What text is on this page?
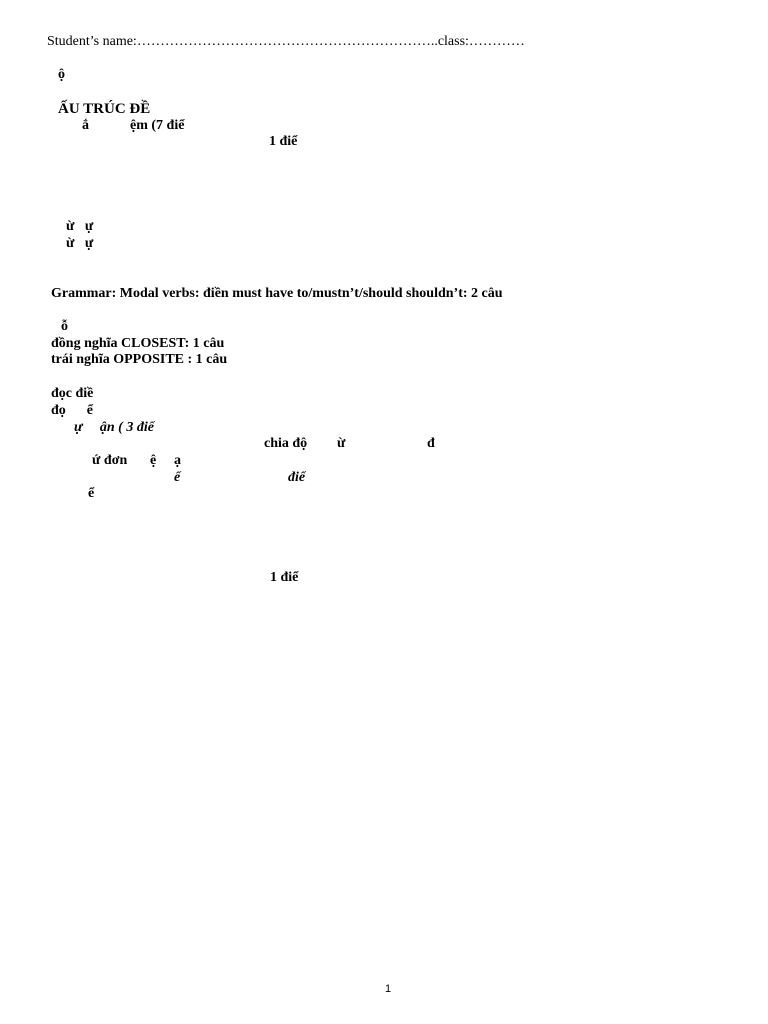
Student’s name:………………………………………………………..class:…………
ộ
ẤU TRÚC ĐỀ
ắ	ệm (7 điể
1 điể
ừ   ự
ừ   ự
Grammar: Modal verbs: điền must have to/mustn’t/should shouldn’t: 2 câu
ỗ
đồng nghĩa CLOSEST: 1 câu
trái nghĩa OPPOSITE : 1 câu
đọc điề
đọ      ể
ự     ận ( 3 điể
chia độ ừ	đ
ứ đơn ệ ạ
ể	điể
ể
1 điể
1
